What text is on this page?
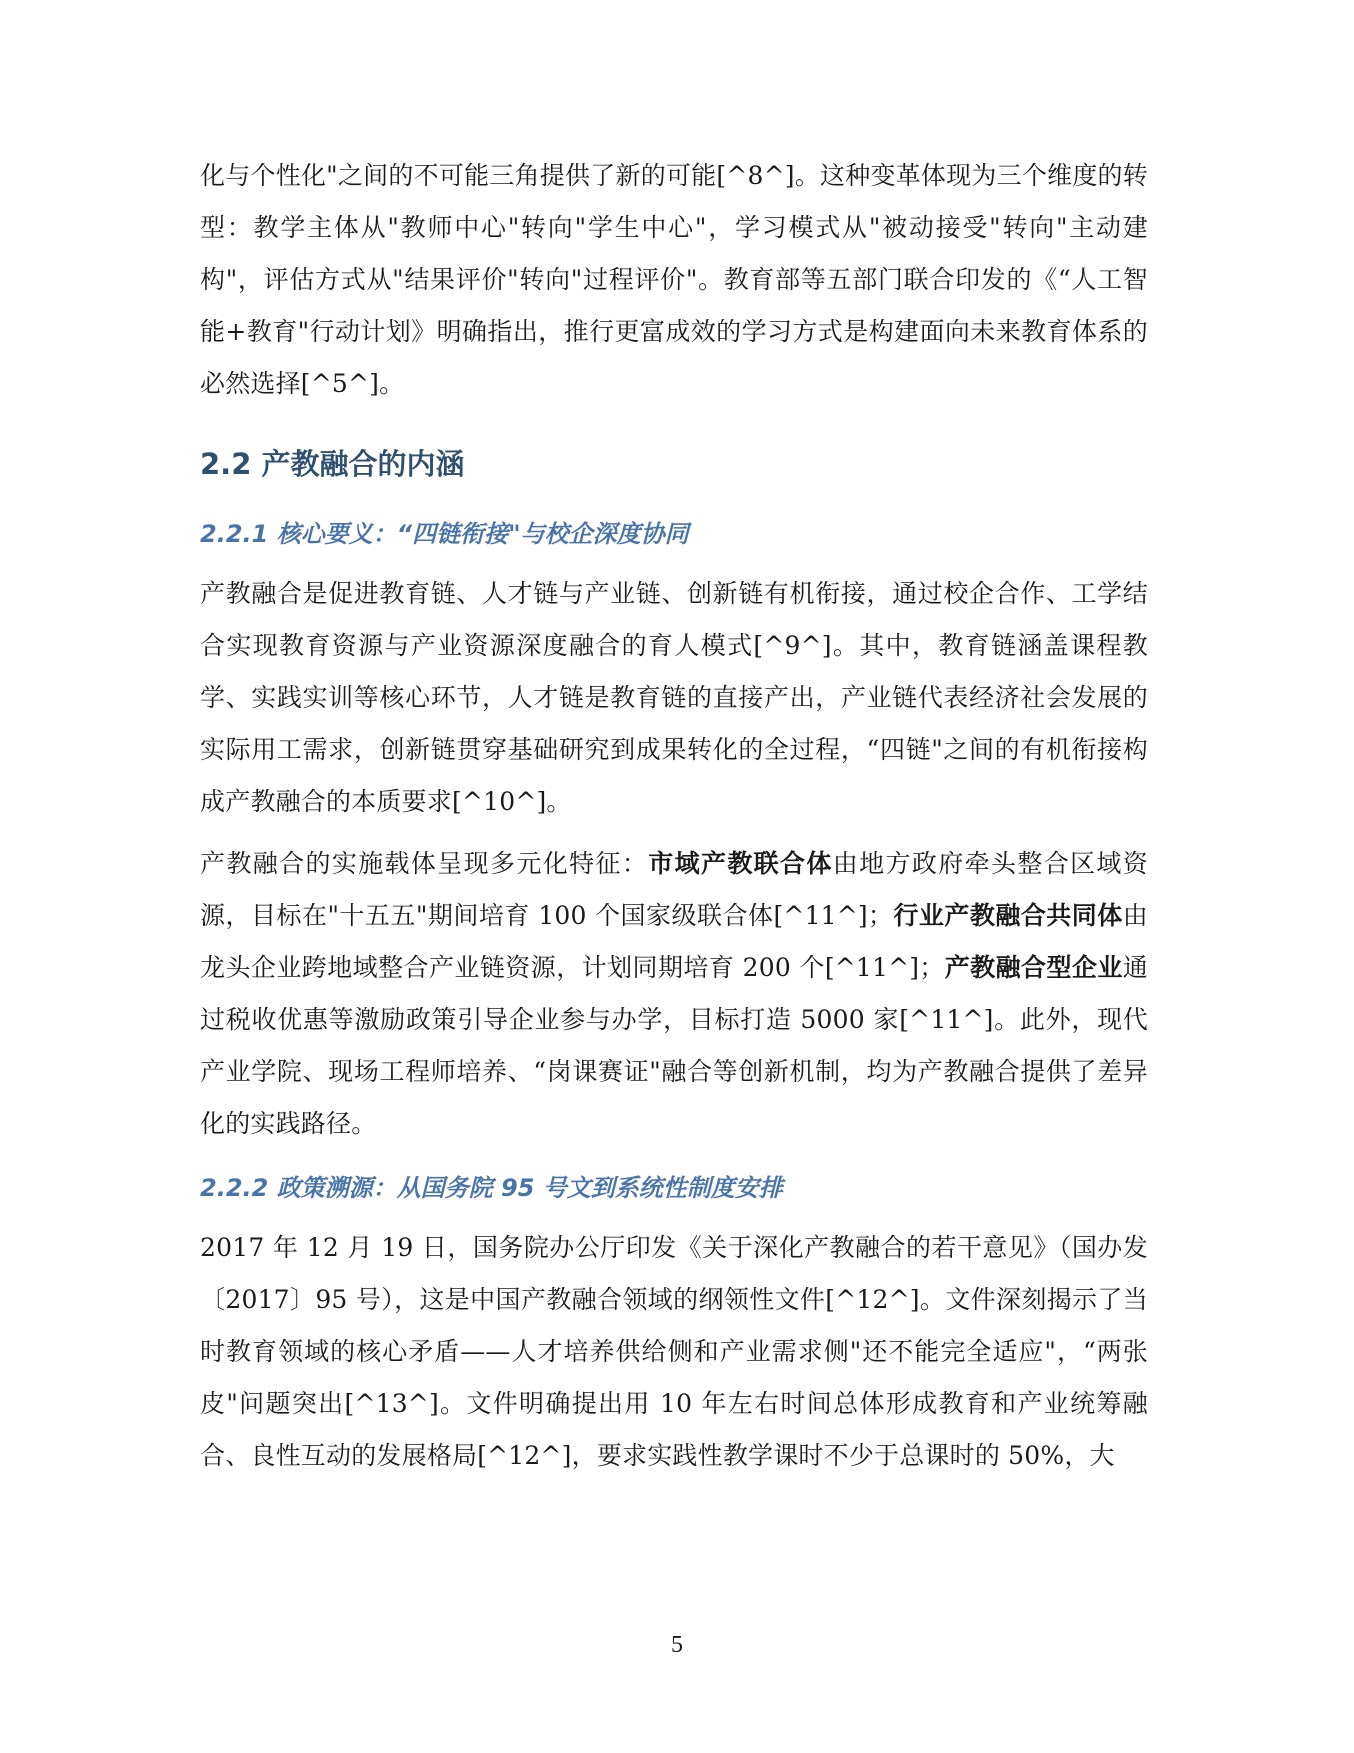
化与个性化"之间的不可能三角提供了新的可能[^8^]。这种变革体现为三个维度的转型：教学主体从"教师中心"转向"学生中心"，学习模式从"被动接受"转向"主动建构"，评估方式从"结果评价"转向"过程评价"。教育部等五部门联合印发的《“人工智能+教育"行动计划》明确指出，推行更富成效的学习方式是构建面向未来教育体系的必然选择[^5^]。

2.2 产教融合的内涵
2.2.1 核心要义：“四链衔接"与校企深度协同

产教融合是促进教育链、人才链与产业链、创新链有机衔接，通过校企合作、工学结合实现教育资源与产业资源深度融合的育人模式[^9^]。其中，教育链涵盖课程教学、实践实训等核心环节，人才链是教育链的直接产出，产业链代表经济社会发展的实际用工需求，创新链贯穿基础研究到成果转化的全过程，“四链"之间的有机衔接构成产教融合的本质要求[^10^]。

产教融合的实施载体呈现多元化特征：市域产教联合体由地方政府牵头整合区域资源，目标在"十五五"期间培育 100 个国家级联合体[^11^]；行业产教融合共同体由龙头企业跨地域整合产业链资源，计划同期培育 200 个[^11^]；产教融合型企业通过税收优惠等激励政策引导企业参与办学，目标打造 5000 家[^11^]。此外，现代产业学院、现场工程师培养、“岗课赛证"融合等创新机制，均为产教融合提供了差异化的实践路径。

2.2.2 政策溯源：从国务院 95 号文到系统性制度安排

2017 年 12 月 19 日，国务院办公厅印发《关于深化产教融合的若干意见》（国办发〔2017〕95 号），这是中国产教融合领域的纲领性文件[^12^]。文件深刻揭示了当时教育领域的核心矛盾——人才培养供给侧和产业需求侧"还不能完全适应"，“两张皮"问题突出[^13^]。文件明确提出用 10 年左右时间总体形成教育和产业统筹融合、良性互动的发展格局[^12^]，要求实践性教学课时不少于总课时的 50%，大

5
